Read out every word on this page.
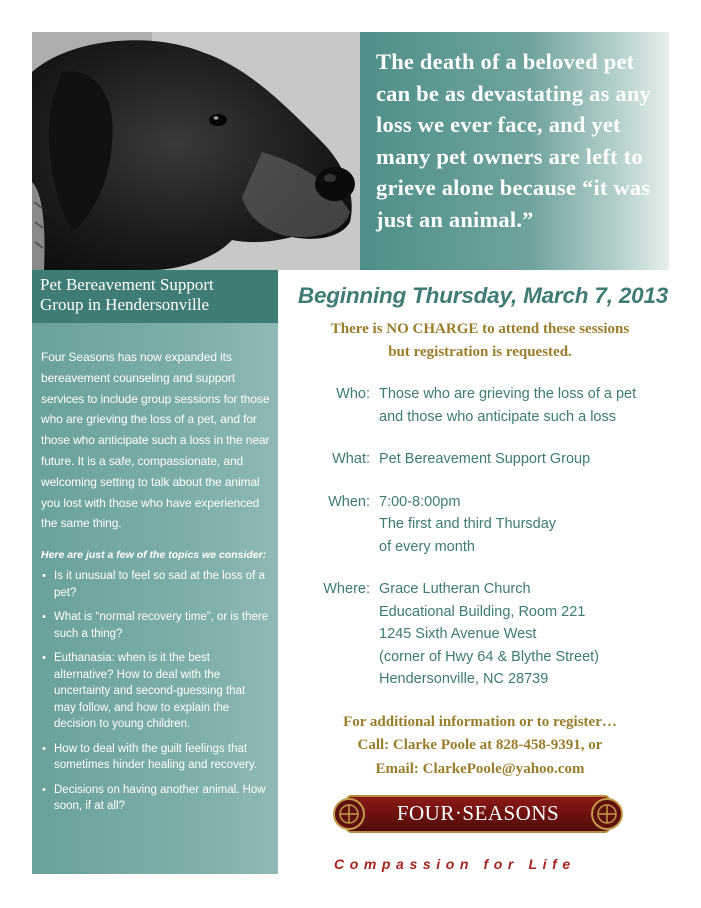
The death of a beloved pet can be as devastating as any loss we ever face, and yet many pet owners are left to grieve alone because “it was just an animal.”

Pet Bereavement Support
Group in Hendersonville

Four Seasons has now expanded its bereavement counseling and support services to include group sessions for those who are grieving the loss of a pet, and for those who anticipate such a loss in the near future. It is a safe, compassionate, and welcoming setting to talk about the animal you lost with those who have experienced the same thing.

Here are just a few of the topics we consider:

• Is it unusual to feel so sad at the loss of a pet?
• What is “normal recovery time”, or is there such a thing?
• Euthanasia: when is it the best alternative? How to deal with the uncertainty and second-guessing that may follow, and how to explain the decision to young children.
• How to deal with the guilt feelings that sometimes hinder healing and recovery.
• Decisions on having another animal. How soon, if at all?
Beginning Thursday, March 7, 2013
There is NO CHARGE to attend these sessions
but registration is requested.
Who: Those who are grieving the loss of a pet
and those who anticipate such a loss
What: Pet Bereavement Support Group
When: 7:00-8:00pm
The first and third Thursday
of every month
Where: Grace Lutheran Church
Educational Building, Room 221
1245 Sixth Avenue West
(corner of Hwy 64 & Blythe Street)
Hendersonville, NC 28739
For additional information or to register…
Call: Clarke Poole at 828-458-9391, or
Email: ClarkePoole@yahoo.com
FOUR·SEASONS
Compassion for Life
